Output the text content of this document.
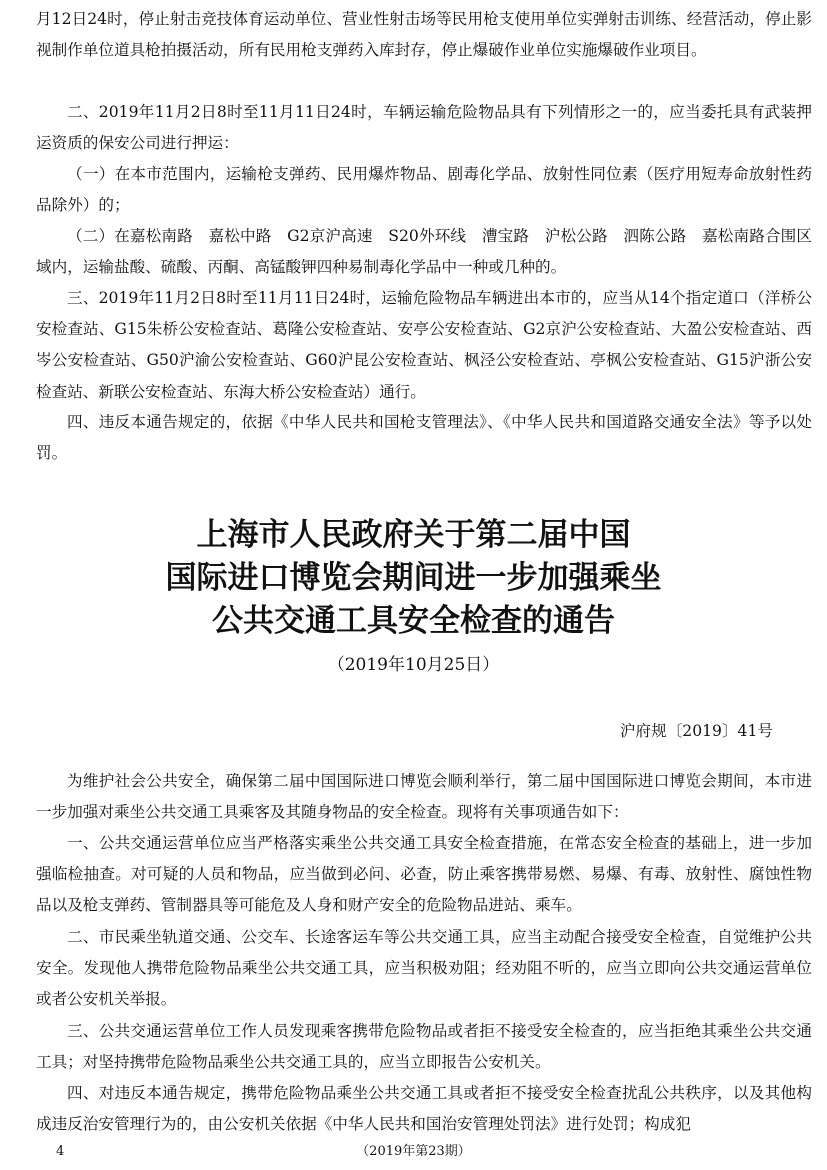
月12日24时，停止射击竞技体育运动单位、营业性射击场等民用枪支使用单位实弹射击训练、经营活动，停止影视制作单位道具枪拍摄活动，所有民用枪支弹药入库封存，停止爆破作业单位实施爆破作业项目。

二、2019年11月2日8时至11月11日24时，车辆运输危险物品具有下列情形之一的，应当委托具有武装押运资质的保安公司进行押运：

（一）在本市范围内，运输枪支弹药、民用爆炸物品、剧毒化学品、放射性同位素（医疗用短寿命放射性药品除外）的；

（二）在嘉松南路　嘉松中路　G2京沪高速　S20外环线　漕宝路　沪松公路　泗陈公路　嘉松南路合围区域内，运输盐酸、硫酸、丙酮、高锰酸钾四种易制毒化学品中一种或几种的。

三、2019年11月2日8时至11月11日24时，运输危险物品车辆进出本市的，应当从14个指定道口（洋桥公安检查站、G15朱桥公安检查站、葛隆公安检查站、安亭公安检查站、G2京沪公安检查站、大盈公安检查站、西岑公安检查站、G50沪渝公安检查站、G60沪昆公安检查站、枫泾公安检查站、亭枫公安检查站、G15沪浙公安检查站、新联公安检查站、东海大桥公安检查站）通行。

四、违反本通告规定的，依据《中华人民共和国枪支管理法》、《中华人民共和国道路交通安全法》等予以处罚。

上海市人民政府关于第二届中国

国际进口博览会期间进一步加强乘坐

公共交通工具安全检查的通告

（2019年10月25日）
沪府规〔2019〕41号

为维护社会公共安全，确保第二届中国国际进口博览会顺利举行，第二届中国国际进口博览会期间，本市进一步加强对乘坐公共交通工具乘客及其随身物品的安全检查。现将有关事项通告如下：

一、公共交通运营单位应当严格落实乘坐公共交通工具安全检查措施，在常态安全检查的基础上，进一步加强临检抽查。对可疑的人员和物品，应当做到必问、必查，防止乘客携带易燃、易爆、有毒、放射性、腐蚀性物品以及枪支弹药、管制器具等可能危及人身和财产安全的危险物品进站、乘车。

二、市民乘坐轨道交通、公交车、长途客运车等公共交通工具，应当主动配合接受安全检查，自觉维护公共安全。发现他人携带危险物品乘坐公共交通工具，应当积极劝阻；经劝阻不听的，应当立即向公共交通运营单位或者公安机关举报。

三、公共交通运营单位工作人员发现乘客携带危险物品或者拒不接受安全检查的，应当拒绝其乘坐公共交通工具；对坚持携带危险物品乘坐公共交通工具的，应当立即报告公安机关。

四、对违反本通告规定，携带危险物品乘坐公共交通工具或者拒不接受安全检查扰乱公共秩序，以及其他构成违反治安管理行为的，由公安机关依据《中华人民共和国治安管理处罚法》进行处罚；构成犯

4	（2019年第23期）
